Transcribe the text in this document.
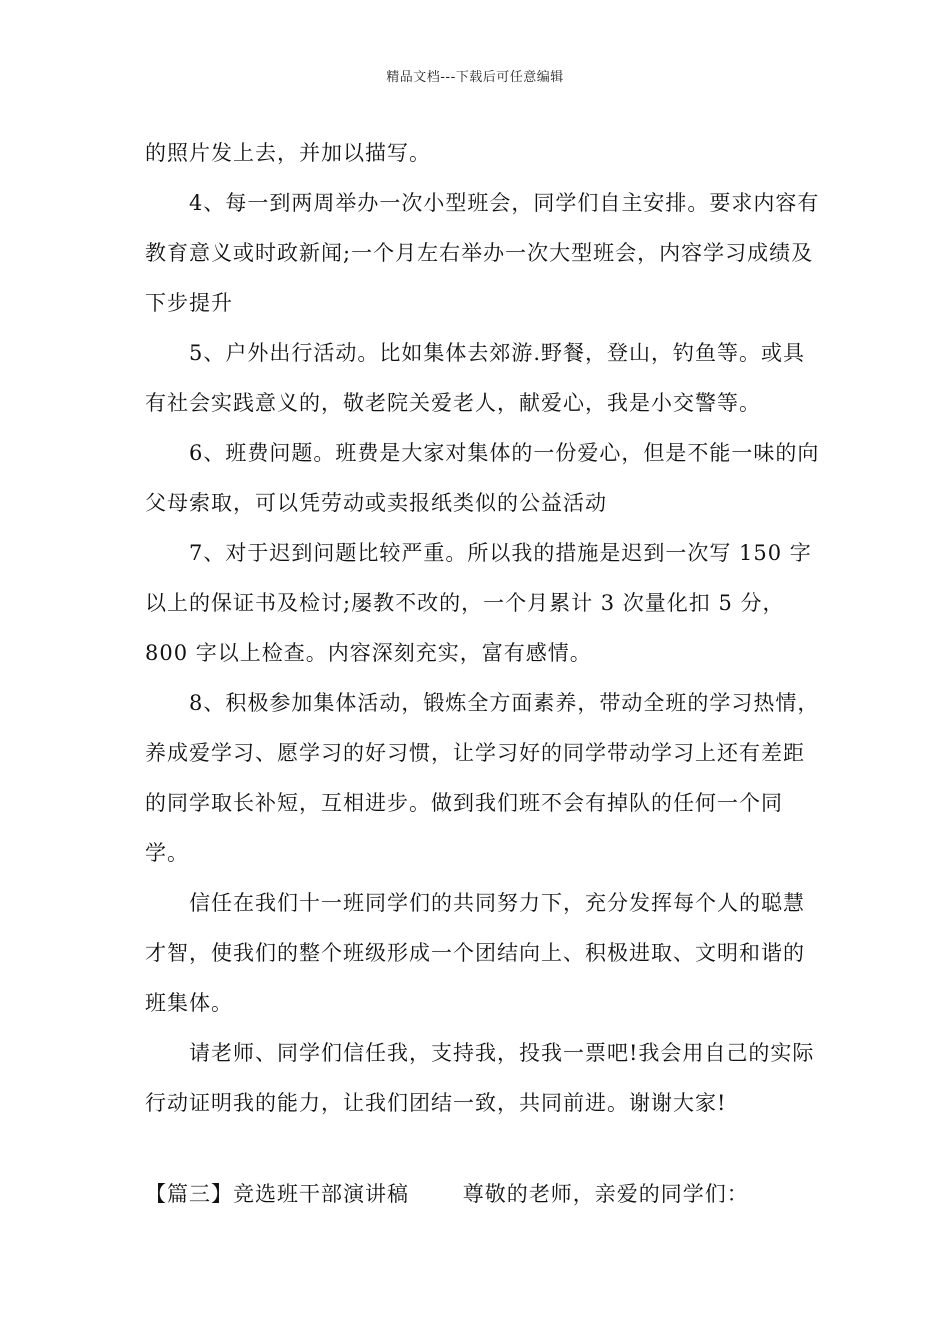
精品文档---下载后可任意编辑

的照片发上去，并加以描写。

4、每一到两周举办一次小型班会，同学们自主安排。要求内容有教育意义或时政新闻;一个月左右举办一次大型班会，内容学习成绩及下步提升

5、户外出行活动。比如集体去郊游.野餐，登山，钓鱼等。或具有社会实践意义的，敬老院关爱老人，献爱心，我是小交警等。

6、班费问题。班费是大家对集体的一份爱心，但是不能一味的向父母索取，可以凭劳动或卖报纸类似的公益活动

7、对于迟到问题比较严重。所以我的措施是迟到一次写 150 字以上的保证书及检讨;屡教不改的，一个月累计 3 次量化扣 5 分，800 字以上检查。内容深刻充实，富有感情。

8、积极参加集体活动，锻炼全方面素养，带动全班的学习热情，养成爱学习、愿学习的好习惯，让学习好的同学带动学习上还有差距的同学取长补短，互相进步。做到我们班不会有掉队的任何一个同学。

信任在我们十一班同学们的共同努力下，充分发挥每个人的聪慧才智，使我们的整个班级形成一个团结向上、积极进取、文明和谐的班集体。

请老师、同学们信任我，支持我，投我一票吧!我会用自己的实际行动证明我的能力，让我们团结一致，共同前进。谢谢大家!

【篇三】竞选班干部演讲稿	尊敬的老师，亲爱的同学们：
